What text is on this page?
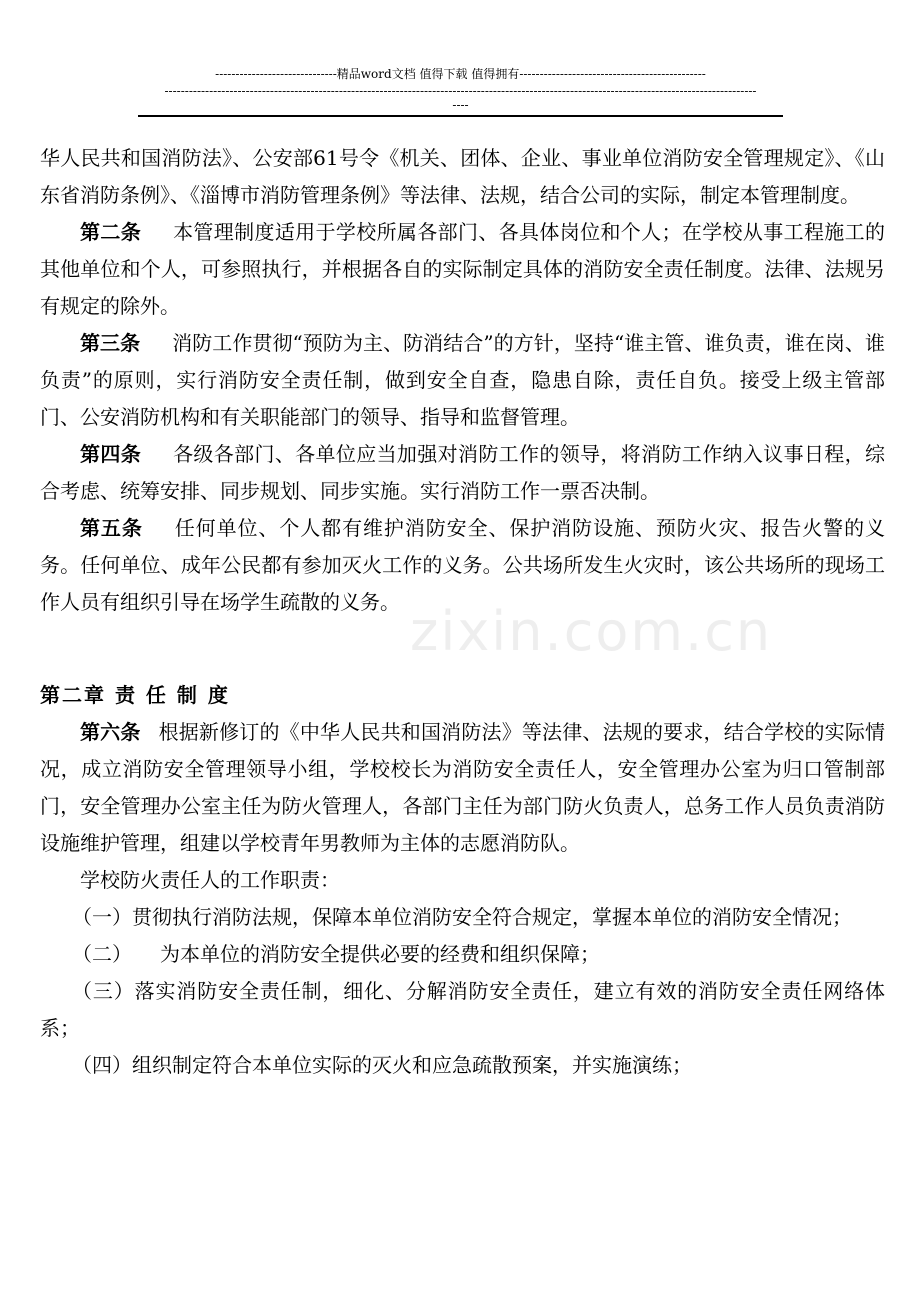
------------------------------精品word文档 值得下载 值得拥有----------------------------------------------
--------------------------------------------------------------------------------------------------------------------------------------------------
----
zixin.com.cn

华人民共和国消防法》、公安部61号令《机关、团体、企业、事业单位消防安全管理规定》、《山东省消防条例》、《淄博市消防管理条例》等法律、法规，结合公司的实际，制定本管理制度。

第二条 本管理制度适用于学校所属各部门、各具体岗位和个人；在学校从事工程施工的其他单位和个人，可参照执行，并根据各自的实际制定具体的消防安全责任制度。法律、法规另有规定的除外。

第三条 消防工作贯彻“预防为主、防消结合”的方针，坚持“谁主管、谁负责，谁在岗、谁负责”的原则，实行消防安全责任制，做到安全自查，隐患自除，责任自负。接受上级主管部门、公安消防机构和有关职能部门的领导、指导和监督管理。

第四条 各级各部门、各单位应当加强对消防工作的领导，将消防工作纳入议事日程，综合考虑、统筹安排、同步规划、同步实施。实行消防工作一票否决制。

第五条 任何单位、个人都有维护消防安全、保护消防设施、预防火灾、报告火警的义务。任何单位、成年公民都有参加灭火工作的义务。公共场所发生火灾时，该公共场所的现场工作人员有组织引导在场学生疏散的义务。

第二章 责 任 制 度

第六条 根据新修订的《中华人民共和国消防法》等法律、法规的要求，结合学校的实际情况，成立消防安全管理领导小组，学校校长为消防安全责任人，安全管理办公室为归口管制部门，安全管理办公室主任为防火管理人，各部门主任为部门防火负责人，总务工作人员负责消防设施维护管理，组建以学校青年男教师为主体的志愿消防队。

学校防火责任人的工作职责：

（一）贯彻执行消防法规，保障本单位消防安全符合规定，掌握本单位的消防安全情况；

（二） 为本单位的消防安全提供必要的经费和组织保障；

（三）落实消防安全责任制，细化、分解消防安全责任，建立有效的消防安全责任网络体系；

（四）组织制定符合本单位实际的灭火和应急疏散预案，并实施演练；
